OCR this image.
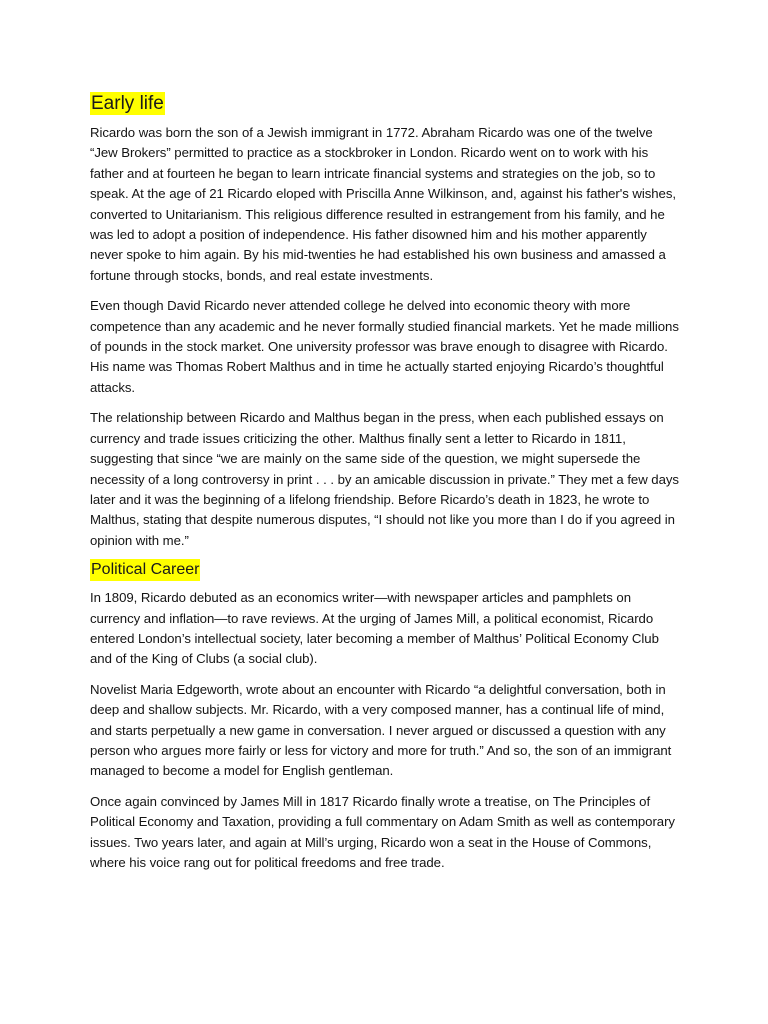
Early life

Ricardo was born the son of a Jewish immigrant in 1772. Abraham Ricardo was one of the twelve “Jew Brokers” permitted to practice as a stockbroker in London. Ricardo went on to work with his father and at fourteen he began to learn intricate financial systems and strategies on the job, so to speak. At the age of 21 Ricardo eloped with Priscilla Anne Wilkinson, and, against his father's wishes, converted to Unitarianism. This religious difference resulted in estrangement from his family, and he was led to adopt a position of independence. His father disowned him and his mother apparently never spoke to him again. By his mid-twenties he had established his own business and amassed a fortune through stocks, bonds, and real estate investments.

Even though David Ricardo never attended college he delved into economic theory with more competence than any academic and he never formally studied financial markets. Yet he made millions of pounds in the stock market. One university professor was brave enough to disagree with Ricardo. His name was Thomas Robert Malthus and in time he actually started enjoying Ricardo’s thoughtful attacks.

The relationship between Ricardo and Malthus began in the press, when each published essays on currency and trade issues criticizing the other. Malthus finally sent a letter to Ricardo in 1811, suggesting that since “we are mainly on the same side of the question, we might supersede the necessity of a long controversy in print . . . by an amicable discussion in private.” They met a few days later and it was the beginning of a lifelong friendship. Before Ricardo’s death in 1823, he wrote to Malthus, stating that despite numerous disputes, “I should not like you more than I do if you agreed in opinion with me.”

Political Career

In 1809, Ricardo debuted as an economics writer—with newspaper articles and pamphlets on currency and inflation—to rave reviews. At the urging of James Mill, a political economist, Ricardo entered London’s intellectual society, later becoming a member of Malthus’ Political Economy Club and of the King of Clubs (a social club).

Novelist Maria Edgeworth, wrote about an encounter with Ricardo “a delightful conversation, both in deep and shallow subjects. Mr. Ricardo, with a very composed manner, has a continual life of mind, and starts perpetually a new game in conversation. I never argued or discussed a question with any person who argues more fairly or less for victory and more for truth.” And so, the son of an immigrant managed to become a model for English gentleman.

Once again convinced by James Mill in 1817 Ricardo finally wrote a treatise, on The Principles of Political Economy and Taxation, providing a full commentary on Adam Smith as well as contemporary issues. Two years later, and again at Mill’s urging, Ricardo won a seat in the House of Commons, where his voice rang out for political freedoms and free trade.
